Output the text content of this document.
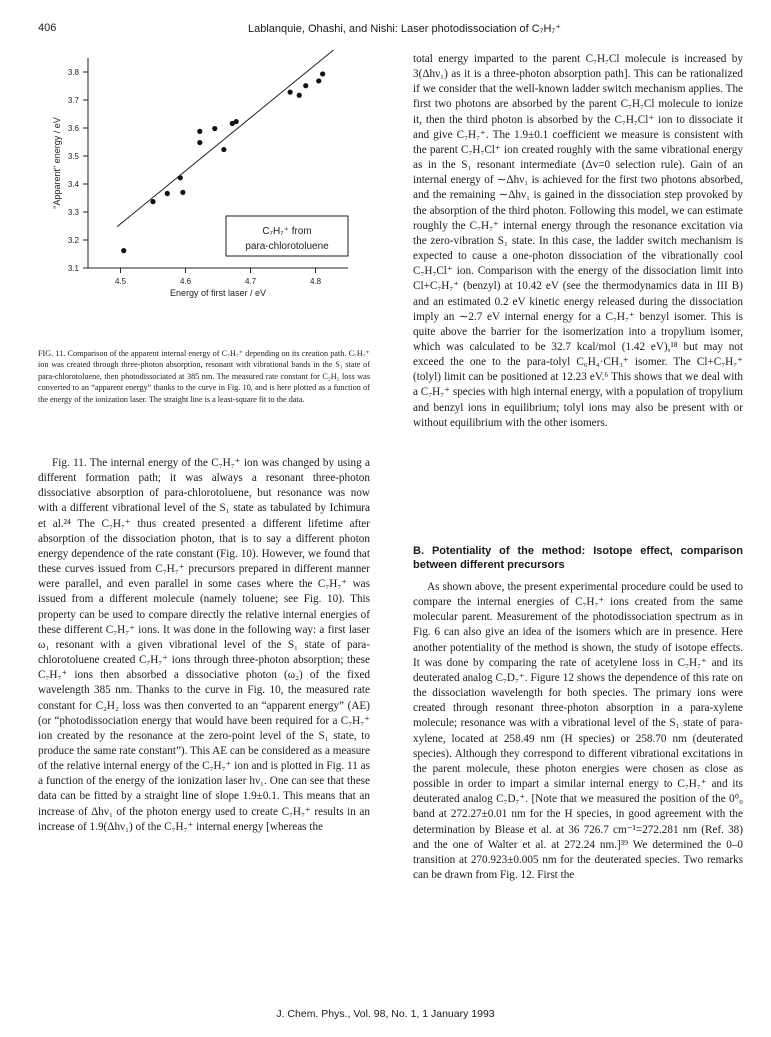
406	Lablanquie, Ohashi, and Nishi: Laser photodissociation of C₇H₇⁺
3.1
3.2
3.3
3.4
3.5
3.6
3.7
3.8
4.5	4.6	4.7	4.8
Energy of first laser / eV
"Apparent" energy / eV
C₇H₇⁺ from
para-chlorotoluene
FIG. 11. Comparison of the apparent internal energy of C₇H₇⁺ depending on its creation path. C₇H₇⁺ ion was created through three-photon absorption, resonant with vibrational bands in the S₁ state of para-chlorotoluene, then photodissociated at 385 nm. The measured rate constant for C₂H₂ loss was converted to an “apparent energy” thanks to the curve in Fig. 10, and is here plotted as a function of the energy of the ionization laser. The straight line is a least-square fit to the data.

Fig. 11. The internal energy of the C₇H₇⁺ ion was changed by using a different formation path; it was always a resonant three-photon dissociative absorption of para-chlorotoluene, but resonance was now with a different vibrational level of the S₁ state as tabulated by Ichimura et al.²⁴ The C₇H₇⁺ thus created presented a different lifetime after absorption of the dissociation photon, that is to say a different photon energy dependence of the rate constant (Fig. 10). However, we found that these curves issued from C₇H₇⁺ precursors prepared in different manner were parallel, and even parallel in some cases where the C₇H₇⁺ was issued from a different molecule (namely toluene; see Fig. 10). This property can be used to compare directly the relative internal energies of these different C₇H₇⁺ ions. It was done in the following way: a first laser ω₁ resonant with a given vibrational level of the S₁ state of para-chlorotoluene created C₇H₇⁺ ions through three-photon absorption; these C₇H₇⁺ ions then absorbed a dissociative photon (ω₂) of the fixed wavelength 385 nm. Thanks to the curve in Fig. 10, the measured rate constant for C₂H₂ loss was then converted to an “apparent energy” (AE) (or “photodissociation energy that would have been required for a C₇H₇⁺ ion created by the resonance at the zero-point level of the S₁ state, to produce the same rate constant”). This AE can be considered as a measure of the relative internal energy of the C₇H₇⁺ ion and is plotted in Fig. 11 as a function of the energy of the ionization laser hν₁. One can see that these data can be fitted by a straight line of slope 1.9±0.1. This means that an increase of Δhν₁ of the photon energy used to create C₇H₇⁺ results in an increase of 1.9(Δhν₁) of the C₇H₇⁺ internal energy [whereas the

total energy imparted to the parent C₇H₇Cl molecule is increased by 3(Δhν₁) as it is a three-photon absorption path]. This can be rationalized if we consider that the well-known ladder switch mechanism applies. The first two photons are absorbed by the parent C₇H₇Cl molecule to ionize it, then the third photon is absorbed by the C₇H₇Cl⁺ ion to dissociate it and give C₇H₇⁺. The 1.9±0.1 coefficient we measure is consistent with the parent C₇H₇Cl⁺ ion created roughly with the same vibrational energy as in the S₁ resonant intermediate (Δv=0 selection rule). Gain of an internal energy of ∼Δhν₁ is achieved for the first two photons absorbed, and the remaining ∼Δhν₁ is gained in the dissociation step provoked by the absorption of the third photon. Following this model, we can estimate roughly the C₇H₇⁺ internal energy through the resonance excitation via the zero-vibration S₁ state. In this case, the ladder switch mechanism is expected to cause a one-photon dissociation of the vibrationally cool C₇H₇Cl⁺ ion. Comparison with the energy of the dissociation limit into Cl+C₇H₇⁺ (benzyl) at 10.42 eV (see the thermodynamics data in III B) and an estimated 0.2 eV kinetic energy released during the dissociation imply an ∼2.7 eV internal energy for a C₇H₇⁺ benzyl isomer. This is quite above the barrier for the isomerization into a tropylium isomer, which was calculated to be 32.7 kcal/mol (1.42 eV),¹⁸ but may not exceed the one to the para-tolyl C₆H₄·CH₃⁺ isomer. The Cl+C₇H₇⁺ (tolyl) limit can be positioned at 12.23 eV.⁶ This shows that we deal with a C₇H₇⁺ species with high internal energy, with a population of tropylium and benzyl ions in equilibrium; tolyl ions may also be present with or without equilibrium with the other isomers.

B. Potentiality of the method: Isotope effect, comparison between different precursors

As shown above, the present experimental procedure could be used to compare the internal energies of C₇H₇⁺ ions created from the same molecular parent. Measurement of the photodissociation spectrum as in Fig. 6 can also give an idea of the isomers which are in presence. Here another potentiality of the method is shown, the study of isotope effects. It was done by comparing the rate of acetylene loss in C₇H₇⁺ and its deuterated analog C₇D₇⁺. Figure 12 shows the dependence of this rate on the dissociation wavelength for both species. The primary ions were created through resonant three-photon absorption in a para-xylene molecule; resonance was with a vibrational level of the S₁ state of para-xylene, located at 258.49 nm (H species) or 258.70 nm (deuterated species). Although they correspond to different vibrational excitations in the parent molecule, these photon energies were chosen as close as possible in order to impart a similar internal energy to C₇H₇⁺ and its deuterated analog C₇D₇⁺. [Note that we measured the position of the 0⁰₀ band at 272.27±0.01 nm for the H species, in good agreement with the determination by Blease et al. at 36 726.7 cm⁻¹=272.281 nm (Ref. 38) and the one of Walter et al. at 272.24 nm.]³⁹ We determined the 0–0 transition at 270.923±0.005 nm for the deuterated species. Two remarks can be drawn from Fig. 12. First the

J. Chem. Phys., Vol. 98, No. 1, 1 January 1993
